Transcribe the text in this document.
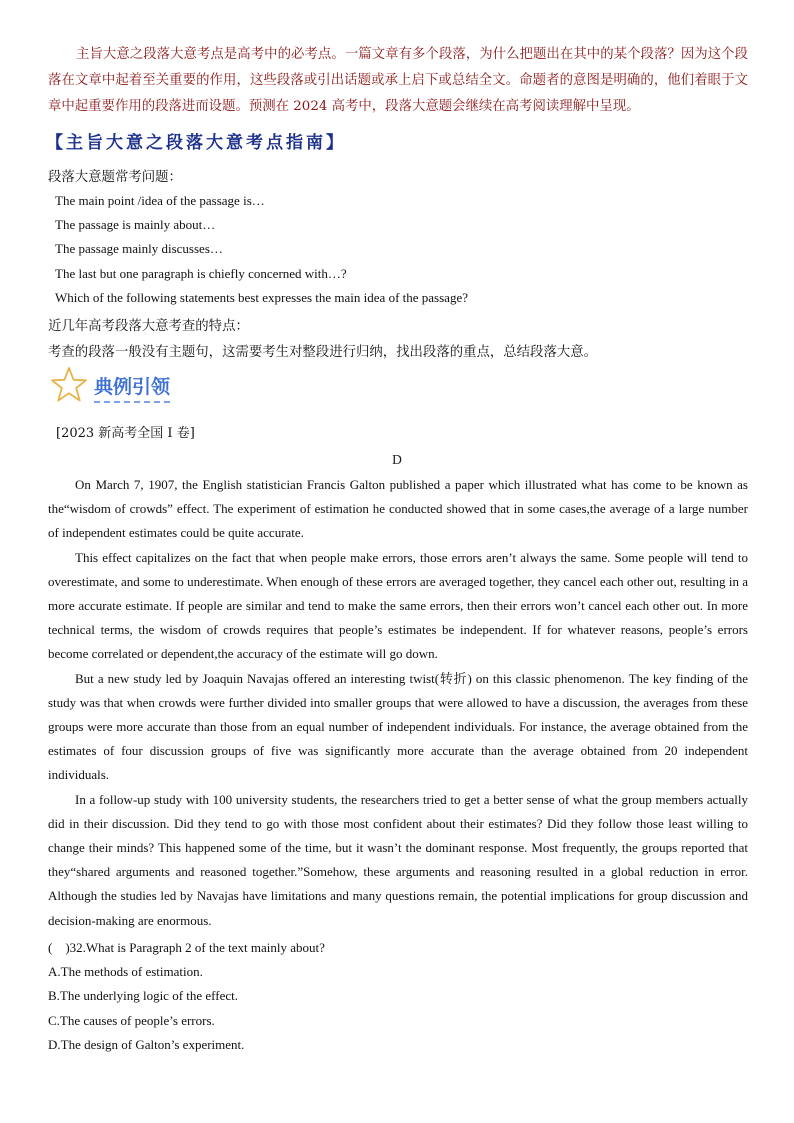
主旨大意之段落大意考点是高考中的必考点。一篇文章有多个段落，为什么把题出在其中的某个段落？因为这个段落在文章中起着至关重要的作用，这些段落或引出话题或承上启下或总结全文。命题者的意图是明确的，他们着眼于文章中起重要作用的段落进而设题。预测在 2024 高考中，段落大意题会继续在高考阅读理解中呈现。

【主旨大意之段落大意考点指南】

段落大意题常考问题：

The main point /idea of the passage is…
The passage is mainly about…
The passage mainly discusses…
The last but one paragraph is chiefly concerned with…?
Which of the following statements best expresses the main idea of the passage?

近几年高考段落大意考查的特点：

考查的段落一般没有主题句，这需要考生对整段进行归纳，找出段落的重点，总结段落大意。

典例引领

[2023 新高考全国 I 卷]

D

On March 7, 1907, the English statistician Francis Galton published a paper which illustrated what has come to be known as the“wisdom of crowds” effect. The experiment of estimation he conducted showed that in some cases,the average of a large number of independent estimates could be quite accurate.

This effect capitalizes on the fact that when people make errors, those errors aren’t always the same. Some people will tend to overestimate, and some to underestimate. When enough of these errors are averaged together, they cancel each other out, resulting in a more accurate estimate. If people are similar and tend to make the same errors, then their errors won’t cancel each other out. In more technical terms, the wisdom of crowds requires that people’s estimates be independent. If for whatever reasons, people’s errors become correlated or dependent,the accuracy of the estimate will go down.

But a new study led by Joaquin Navajas offered an interesting twist(转折) on this classic phenomenon. The key finding of the study was that when crowds were further divided into smaller groups that were allowed to have a discussion, the averages from these groups were more accurate than those from an equal number of independent individuals. For instance, the average obtained from the estimates of four discussion groups of five was significantly more accurate than the average obtained from 20 independent individuals.

In a follow-up study with 100 university students, the researchers tried to get a better sense of what the group members actually did in their discussion. Did they tend to go with those most confident about their estimates? Did they follow those least willing to change their minds? This happened some of the time, but it wasn’t the dominant response. Most frequently, the groups reported that they“shared arguments and reasoned together.”Somehow, these arguments and reasoning resulted in a global reduction in error. Although the studies led by Navajas have limitations and many questions remain, the potential implications for group discussion and decision-making are enormous.

(　)32.What is Paragraph 2 of the text mainly about?
A.The methods of estimation.
B.The underlying logic of the effect.
C.The causes of people’s errors.
D.The design of Galton’s experiment.
